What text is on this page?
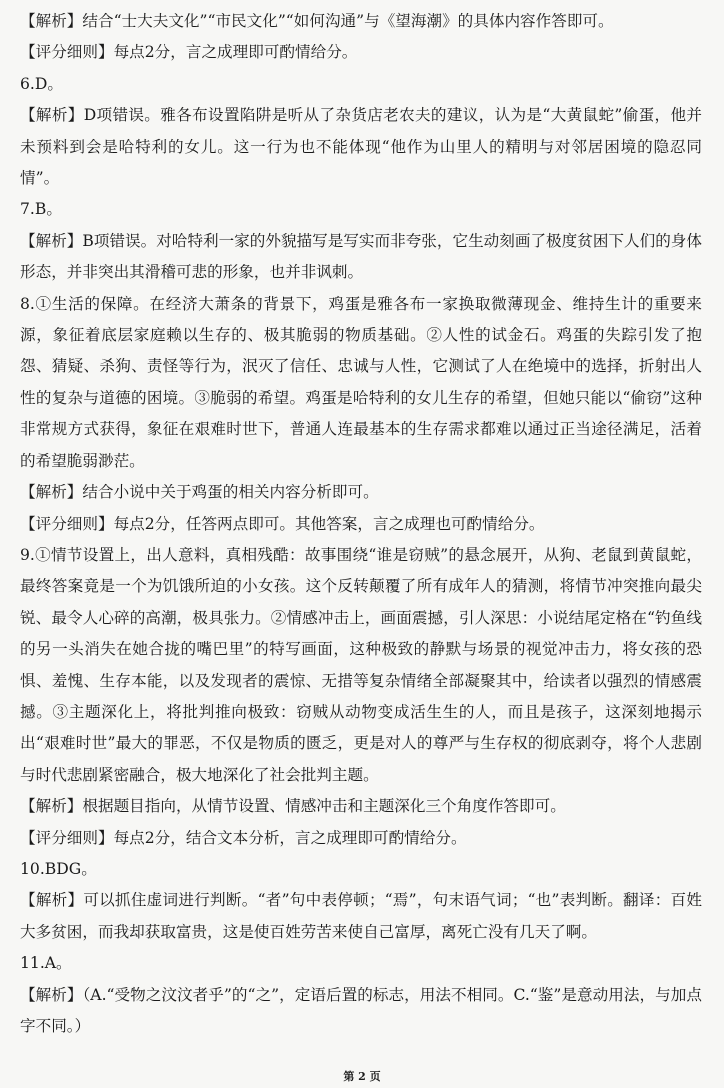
【解析】结合“士大夫文化”“市民文化”“如何沟通”与《望海潮》的具体内容作答即可。

【评分细则】每点2分，言之成理即可酌情给分。

6.D。

【解析】D项错误。雅各布设置陷阱是听从了杂货店老农夫的建议，认为是“大黄鼠蛇”偷蛋，他并未预料到会是哈特利的女儿。这一行为也不能体现“他作为山里人的精明与对邻居困境的隐忍同情”。

7.B。

【解析】B项错误。对哈特利一家的外貌描写是写实而非夸张，它生动刻画了极度贫困下人们的身体形态，并非突出其滑稽可悲的形象，也并非讽刺。

8.①生活的保障。在经济大萧条的背景下，鸡蛋是雅各布一家换取微薄现金、维持生计的重要来源，象征着底层家庭赖以生存的、极其脆弱的物质基础。②人性的试金石。鸡蛋的失踪引发了抱怨、猜疑、杀狗、责怪等行为，泯灭了信任、忠诚与人性，它测试了人在绝境中的选择，折射出人性的复杂与道德的困境。③脆弱的希望。鸡蛋是哈特利的女儿生存的希望，但她只能以“偷窃”这种非常规方式获得，象征在艰难时世下，普通人连最基本的生存需求都难以通过正当途径满足，活着的希望脆弱渺茫。

【解析】结合小说中关于鸡蛋的相关内容分析即可。

【评分细则】每点2分，任答两点即可。其他答案，言之成理也可酌情给分。

9.①情节设置上，出人意料，真相残酷：故事围绕“谁是窃贼”的悬念展开，从狗、老鼠到黄鼠蛇，最终答案竟是一个为饥饿所迫的小女孩。这个反转颠覆了所有成年人的猜测，将情节冲突推向最尖锐、最令人心碎的高潮，极具张力。②情感冲击上，画面震撼，引人深思：小说结尾定格在“钓鱼线的另一头消失在她合拢的嘴巴里”的特写画面，这种极致的静默与场景的视觉冲击力，将女孩的恐惧、羞愧、生存本能，以及发现者的震惊、无措等复杂情绪全部凝聚其中，给读者以强烈的情感震撼。③主题深化上，将批判推向极致：窃贼从动物变成活生生的人，而且是孩子，这深刻地揭示出“艰难时世”最大的罪恶，不仅是物质的匮乏，更是对人的尊严与生存权的彻底剥夺，将个人悲剧与时代悲剧紧密融合，极大地深化了社会批判主题。

【解析】根据题目指向，从情节设置、情感冲击和主题深化三个角度作答即可。

【评分细则】每点2分，结合文本分析，言之成理即可酌情给分。

10.BDG。

【解析】可以抓住虚词进行判断。“者”句中表停顿；“焉”，句末语气词；“也”表判断。翻译：百姓大多贫困，而我却获取富贵，这是使百姓劳苦来使自己富厚，离死亡没有几天了啊。

11.A。

【解析】（A.“受物之汶汶者乎”的“之”，定语后置的标志，用法不相同。C.“鉴”是意动用法，与加点字不同。）

第 2 页
